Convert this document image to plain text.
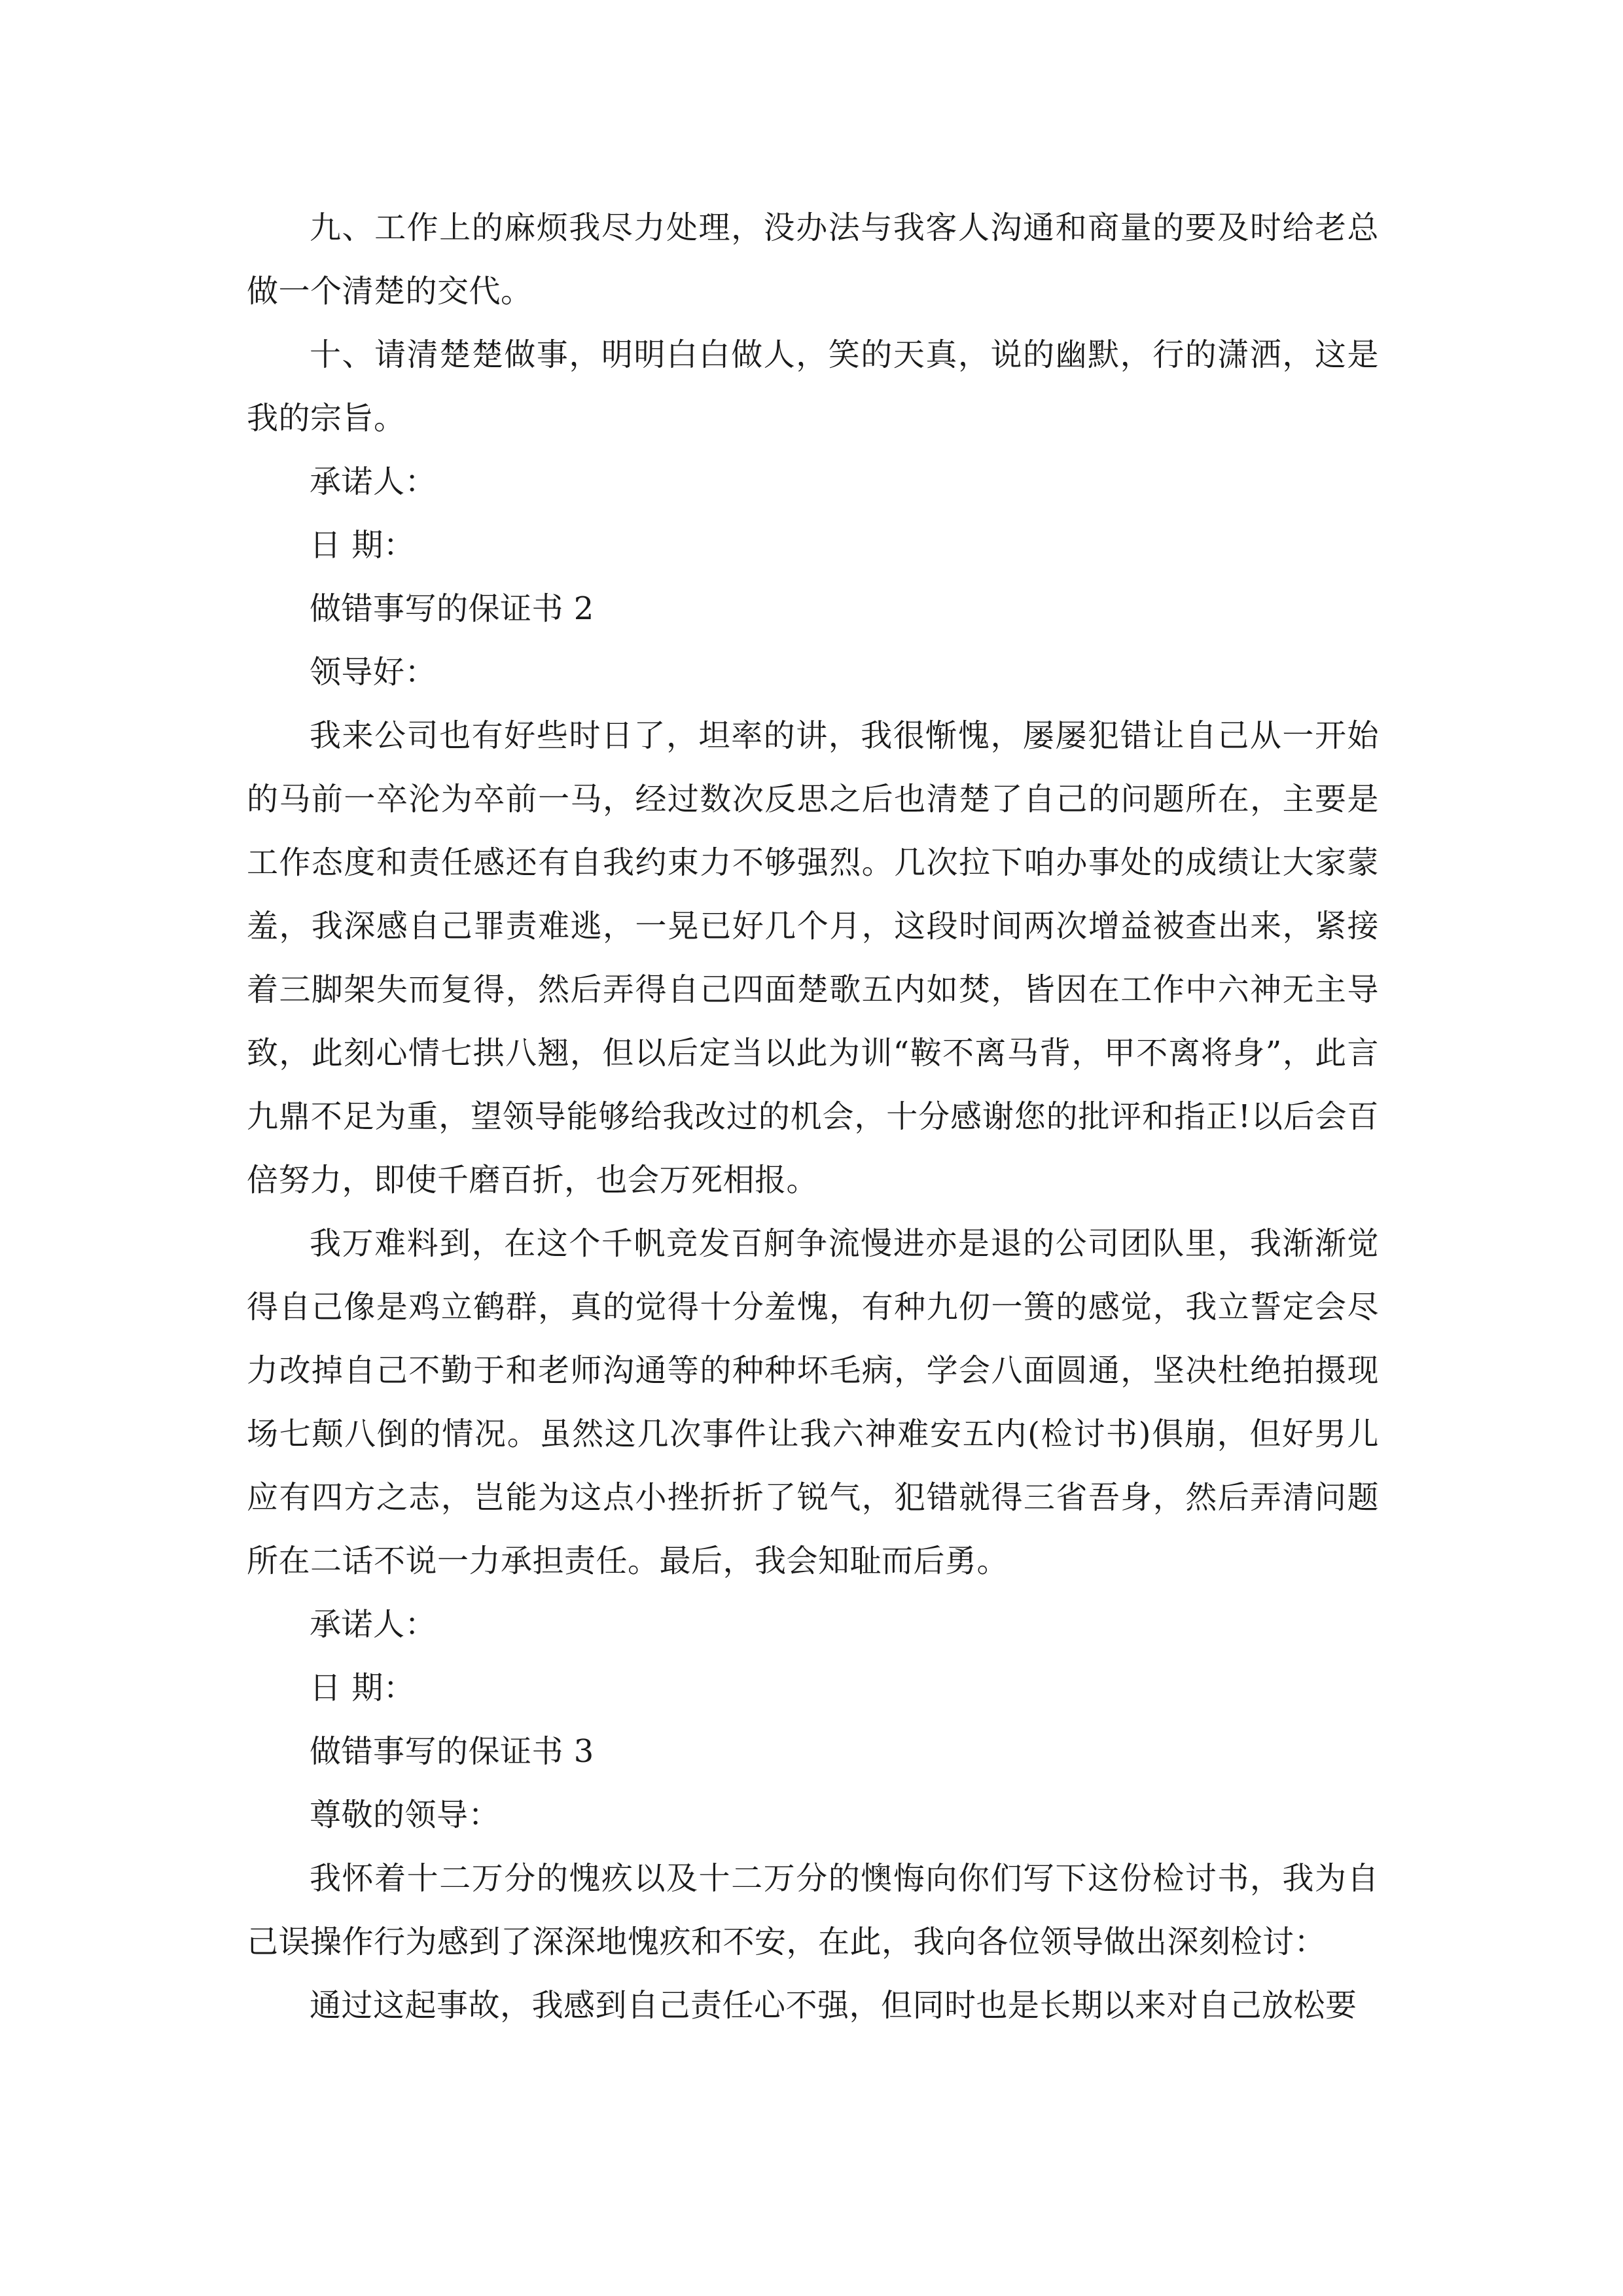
九、工作上的麻烦我尽力处理，没办法与我客人沟通和商量的要及时给老总做一个清楚的交代。

十、请清楚楚做事，明明白白做人，笑的天真，说的幽默，行的潇洒，这是我的宗旨。

承诺人：

日 期：

做错事写的保证书 2

领导好：

我来公司也有好些时日了，坦率的讲，我很惭愧，屡屡犯错让自己从一开始的马前一卒沦为卒前一马，经过数次反思之后也清楚了自己的问题所在，主要是工作态度和责任感还有自我约束力不够强烈。几次拉下咱办事处的成绩让大家蒙羞，我深感自己罪责难逃，一晃已好几个月，这段时间两次增益被查出来，紧接着三脚架失而复得，然后弄得自己四面楚歌五内如焚，皆因在工作中六神无主导致，此刻心情七拱八翘，但以后定当以此为训“鞍不离马背，甲不离将身”，此言九鼎不足为重，望领导能够给我改过的机会，十分感谢您的批评和指正!以后会百倍努力，即使千磨百折，也会万死相报。

我万难料到，在这个千帆竞发百舸争流慢进亦是退的公司团队里，我渐渐觉得自己像是鸡立鹤群，真的觉得十分羞愧，有种九仞一篑的感觉，我立誓定会尽力改掉自己不勤于和老师沟通等的种种坏毛病，学会八面圆通，坚决杜绝拍摄现场七颠八倒的情况。虽然这几次事件让我六神难安五内(检讨书)俱崩，但好男儿应有四方之志，岂能为这点小挫折折了锐气，犯错就得三省吾身，然后弄清问题所在二话不说一力承担责任。最后，我会知耻而后勇。

承诺人：

日 期：

做错事写的保证书 3

尊敬的领导：

我怀着十二万分的愧疚以及十二万分的懊悔向你们写下这份检讨书，我为自己误操作行为感到了深深地愧疚和不安，在此，我向各位领导做出深刻检讨：

通过这起事故，我感到自己责任心不强，但同时也是长期以来对自己放松要
